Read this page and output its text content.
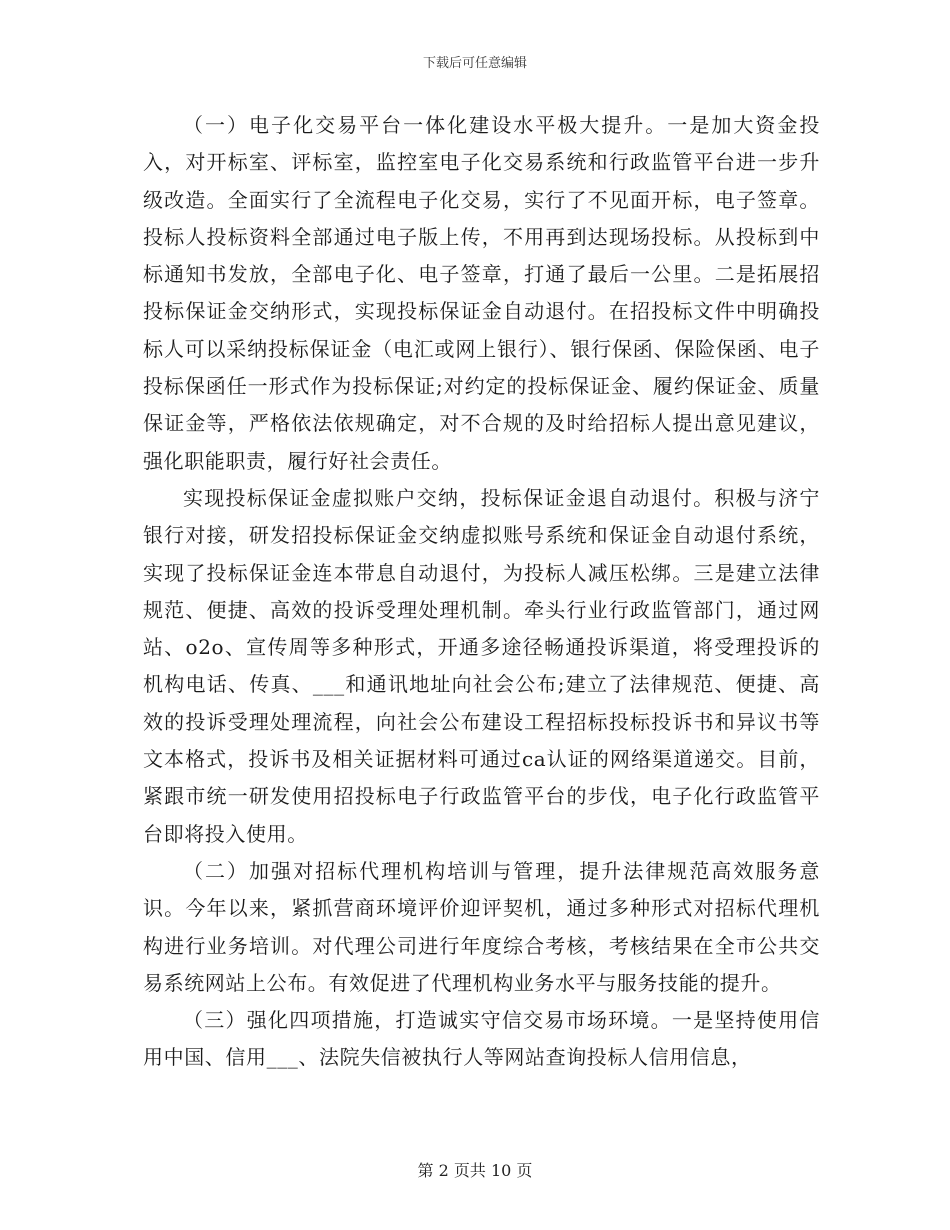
下载后可任意编辑

（一）电子化交易平台一体化建设水平极大提升。一是加大资金投入，对开标室、评标室，监控室电子化交易系统和行政监管平台进一步升级改造。全面实行了全流程电子化交易，实行了不见面开标，电子签章。投标人投标资料全部通过电子版上传，不用再到达现场投标。从投标到中标通知书发放，全部电子化、电子签章，打通了最后一公里。二是拓展招投标保证金交纳形式，实现投标保证金自动退付。在招投标文件中明确投标人可以采纳投标保证金（电汇或网上银行）、银行保函、保险保函、电子投标保函任一形式作为投标保证;对约定的投标保证金、履约保证金、质量保证金等，严格依法依规确定，对不合规的及时给招标人提出意见建议，强化职能职责，履行好社会责任。

实现投标保证金虚拟账户交纳，投标保证金退自动退付。积极与济宁银行对接，研发招投标保证金交纳虚拟账号系统和保证金自动退付系统，实现了投标保证金连本带息自动退付，为投标人减压松绑。三是建立法律规范、便捷、高效的投诉受理处理机制。牵头行业行政监管部门，通过网站、o2o、宣传周等多种形式，开通多途径畅通投诉渠道，将受理投诉的机构电话、传真、___和通讯地址向社会公布;建立了法律规范、便捷、高效的投诉受理处理流程，向社会公布建设工程招标投标投诉书和异议书等文本格式，投诉书及相关证据材料可通过ca认证的网络渠道递交。目前，紧跟市统一研发使用招投标电子行政监管平台的步伐，电子化行政监管平台即将投入使用。

（二）加强对招标代理机构培训与管理，提升法律规范高效服务意识。今年以来，紧抓营商环境评价迎评契机，通过多种形式对招标代理机构进行业务培训。对代理公司进行年度综合考核，考核结果在全市公共交易系统网站上公布。有效促进了代理机构业务水平与服务技能的提升。

（三）强化四项措施，打造诚实守信交易市场环境。一是坚持使用信用中国、信用___、法院失信被执行人等网站查询投标人信用信息，

第 2 页共 10 页
